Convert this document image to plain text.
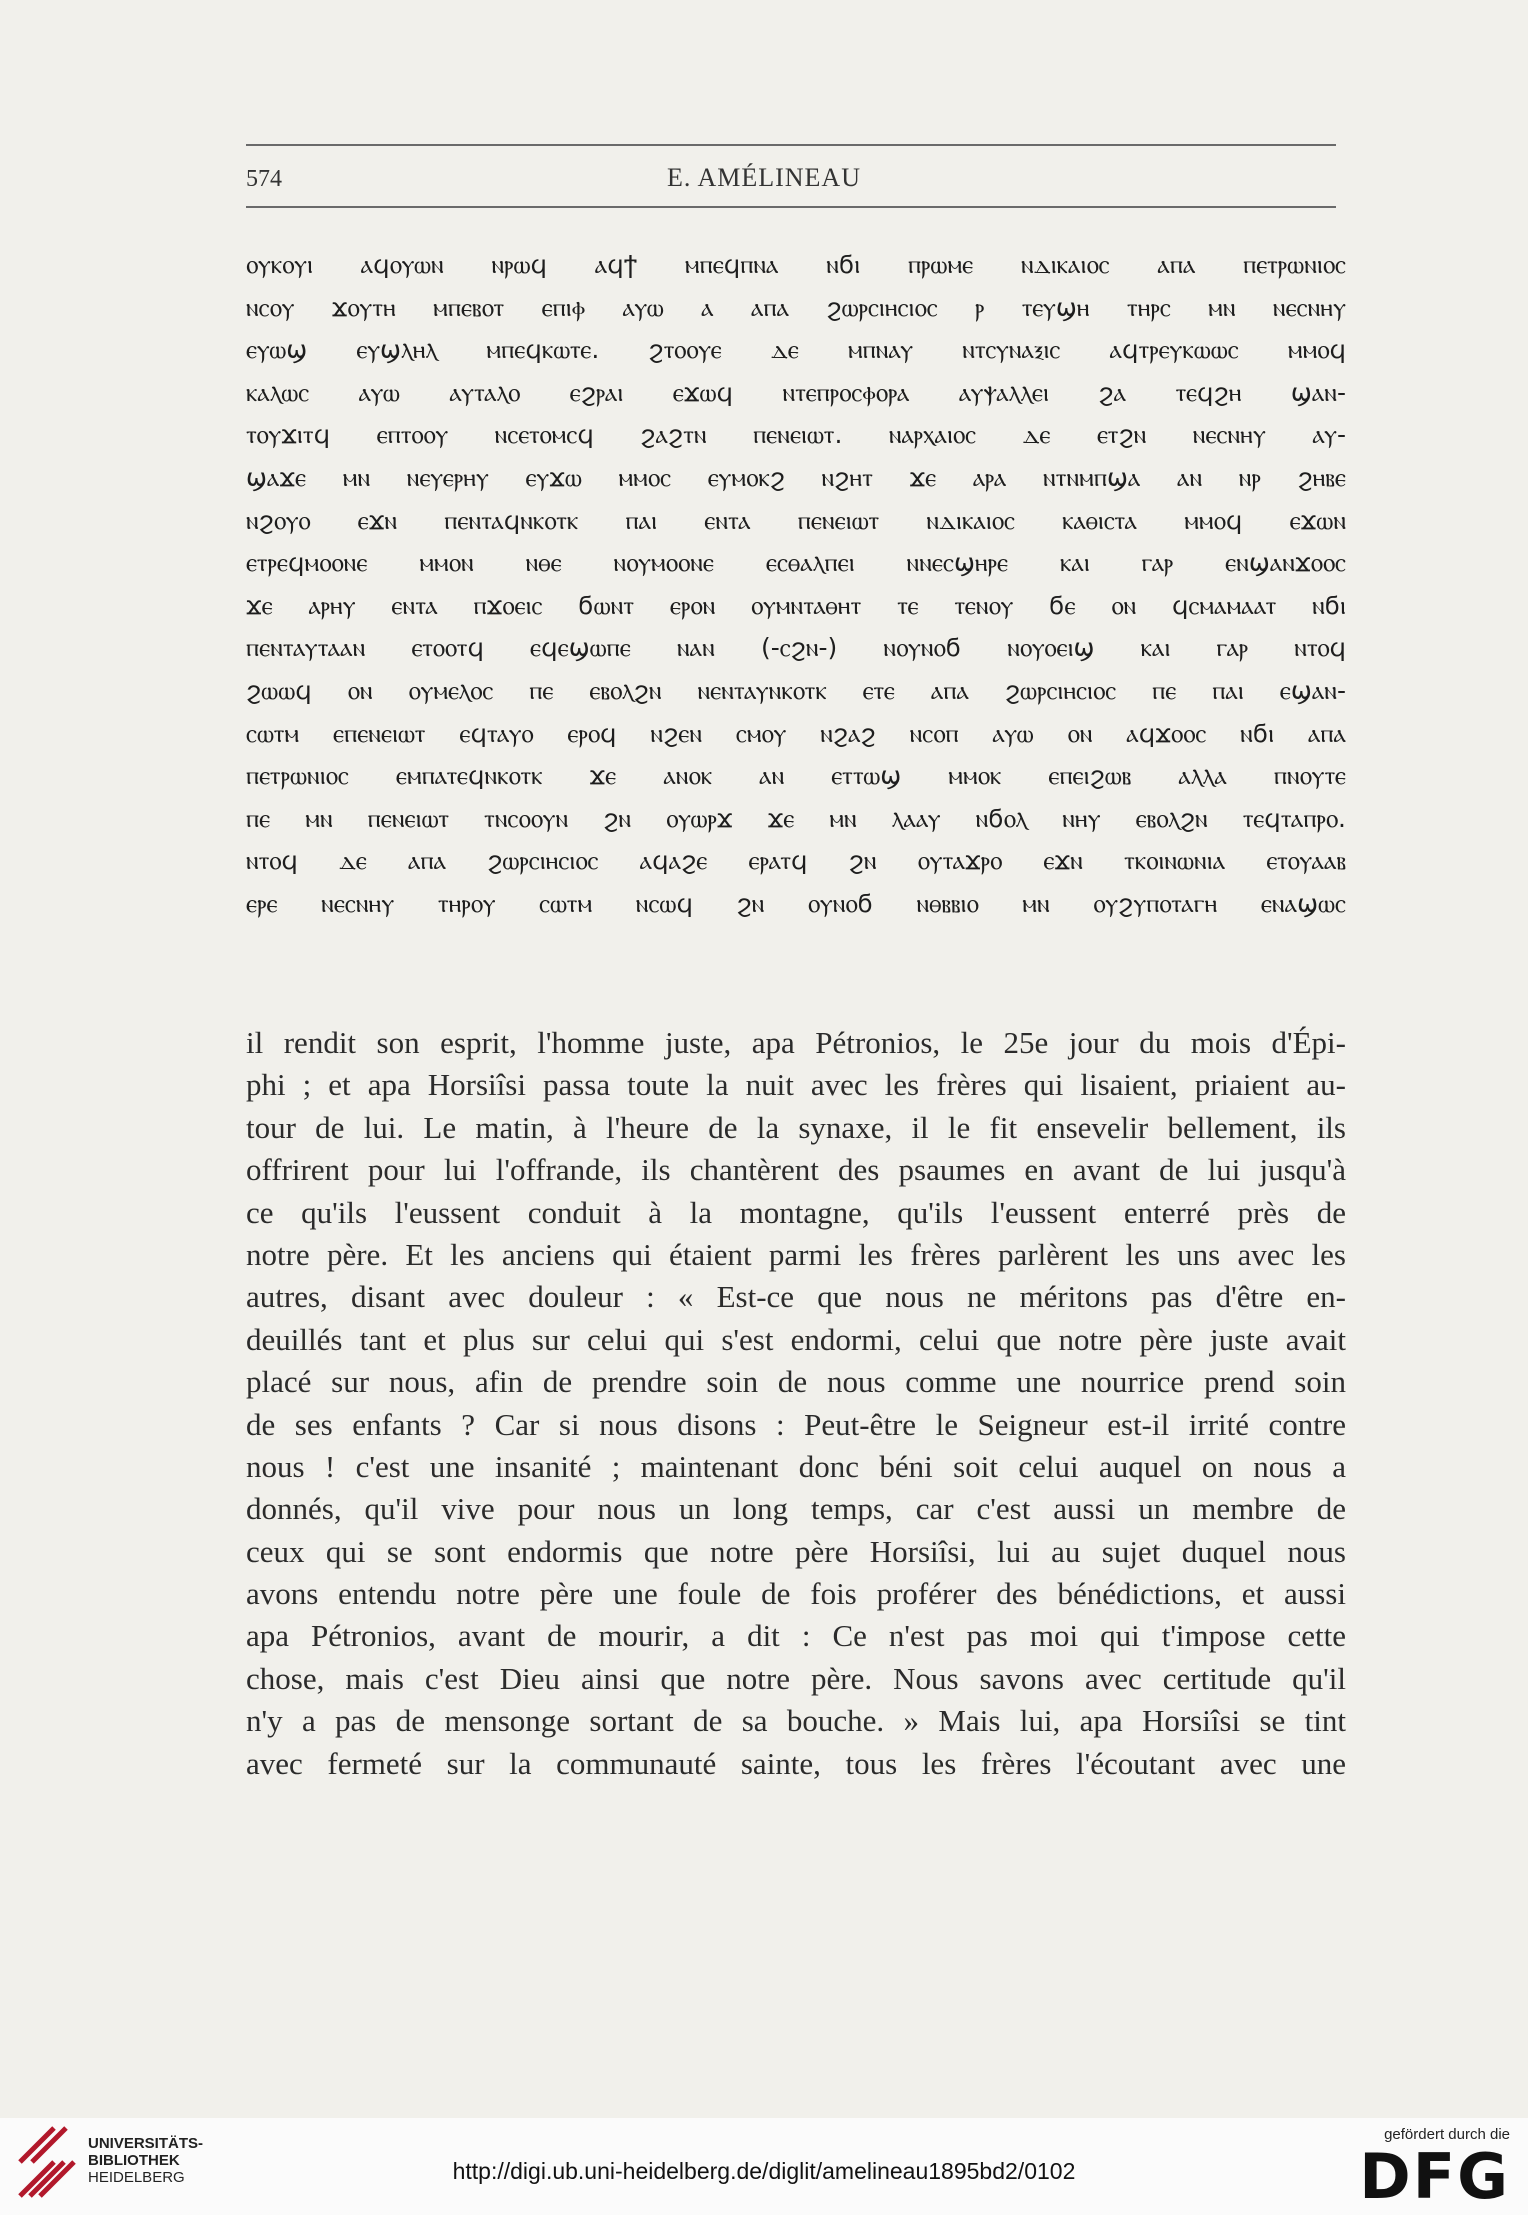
574	E. AMÉLINEAU
ⲟⲩⲕⲟⲩⲓ ⲁϥⲟⲩⲱⲛ ⲛⲣⲱϥ ⲁϥϯ ⲙⲡⲉϥⲡⲛⲁ ⲛϭⲓ ⲡⲣⲱⲙⲉ ⲛⲇⲓⲕⲁⲓⲟⲥ ⲁⲡⲁ ⲡⲉⲧⲣⲱⲛⲓⲟⲥ
ⲛⲥⲟⲩ ϫⲟⲩⲧⲏ ⲙⲡⲉⲃⲟⲧ ⲉⲡⲓⲫ ⲁⲩⲱ ⲁ ⲁⲡⲁ ϩⲱⲣⲥⲓⲏⲥⲓⲟⲥ ⲣ ⲧⲉⲩϣⲏ ⲧⲏⲣⲥ ⲙⲛ ⲛⲉⲥⲛⲏⲩ
ⲉⲩⲱϣ ⲉⲩϣⲗⲏⲗ ⲙⲡⲉϥⲕⲱⲧⲉ. ϩⲧⲟⲟⲩⲉ ⲇⲉ ⲙⲡⲛⲁⲩ ⲛⲧⲥⲩⲛⲁⲝⲓⲥ ⲁϥⲧⲣⲉⲩⲕⲱⲱⲥ ⲙⲙⲟϥ
ⲕⲁⲗⲱⲥ ⲁⲩⲱ ⲁⲩⲧⲁⲗⲟ ⲉϩⲣⲁⲓ ⲉϫⲱϥ ⲛⲧⲉⲡⲣⲟⲥⲫⲟⲣⲁ ⲁⲩⲯⲁⲗⲗⲉⲓ ϩⲁ ⲧⲉϥϩⲏ ϣⲁⲛ-
ⲧⲟⲩϫⲓⲧϥ ⲉⲡⲧⲟⲟⲩ ⲛⲥⲉⲧⲟⲙⲥϥ ϩⲁϩⲧⲛ ⲡⲉⲛⲉⲓⲱⲧ. ⲛⲁⲣⲭⲁⲓⲟⲥ ⲇⲉ ⲉⲧϩⲛ ⲛⲉⲥⲛⲏⲩ ⲁⲩ-
ϣⲁϫⲉ ⲙⲛ ⲛⲉⲩⲉⲣⲏⲩ ⲉⲩϫⲱ ⲙⲙⲟⲥ ⲉⲩⲙⲟⲕϩ ⲛϩⲏⲧ ϫⲉ ⲁⲣⲁ ⲛⲧⲛⲙⲡϣⲁ ⲁⲛ ⲛⲣ ϩⲏⲃⲉ
ⲛϩⲟⲩⲟ ⲉϫⲛ ⲡⲉⲛⲧⲁϥⲛⲕⲟⲧⲕ ⲡⲁⲓ ⲉⲛⲧⲁ ⲡⲉⲛⲉⲓⲱⲧ ⲛⲇⲓⲕⲁⲓⲟⲥ ⲕⲁⲑⲓⲥⲧⲁ ⲙⲙⲟϥ ⲉϫⲱⲛ
ⲉⲧⲣⲉϥⲙⲟⲟⲛⲉ ⲙⲙⲟⲛ ⲛⲑⲉ ⲛⲟⲩⲙⲟⲟⲛⲉ ⲉⲥⲑⲁⲗⲡⲉⲓ ⲛⲛⲉⲥϣⲏⲣⲉ ⲕⲁⲓ ⲅⲁⲣ ⲉⲛϣⲁⲛϫⲟⲟⲥ
ϫⲉ ⲁⲣⲏⲩ ⲉⲛⲧⲁ ⲡϫⲟⲉⲓⲥ ϭⲱⲛⲧ ⲉⲣⲟⲛ ⲟⲩⲙⲛⲧⲁⲑⲏⲧ ⲧⲉ ⲧⲉⲛⲟⲩ ϭⲉ ⲟⲛ ϥⲥⲙⲁⲙⲁⲁⲧ ⲛϭⲓ
ⲡⲉⲛⲧⲁⲩⲧⲁⲁⲛ ⲉⲧⲟⲟⲧϥ ⲉϥⲉϣⲱⲡⲉ ⲛⲁⲛ (-ⲥϩⲛ-) ⲛⲟⲩⲛⲟϭ ⲛⲟⲩⲟⲉⲓϣ ⲕⲁⲓ ⲅⲁⲣ ⲛⲧⲟϥ
ϩⲱⲱϥ ⲟⲛ ⲟⲩⲙⲉⲗⲟⲥ ⲡⲉ ⲉⲃⲟⲗϩⲛ ⲛⲉⲛⲧⲁⲩⲛⲕⲟⲧⲕ ⲉⲧⲉ ⲁⲡⲁ ϩⲱⲣⲥⲓⲏⲥⲓⲟⲥ ⲡⲉ ⲡⲁⲓ ⲉϣⲁⲛ-
ⲥⲱⲧⲙ ⲉⲡⲉⲛⲉⲓⲱⲧ ⲉϥⲧⲁⲩⲟ ⲉⲣⲟϥ ⲛϩⲉⲛ ⲥⲙⲟⲩ ⲛϩⲁϩ ⲛⲥⲟⲡ ⲁⲩⲱ ⲟⲛ ⲁϥϫⲟⲟⲥ ⲛϭⲓ ⲁⲡⲁ
ⲡⲉⲧⲣⲱⲛⲓⲟⲥ ⲉⲙⲡⲁⲧⲉϥⲛⲕⲟⲧⲕ ϫⲉ ⲁⲛⲟⲕ ⲁⲛ ⲉⲧⲧⲱϣ ⲙⲙⲟⲕ ⲉⲡⲉⲓϩⲱⲃ ⲁⲗⲗⲁ ⲡⲛⲟⲩⲧⲉ
ⲡⲉ ⲙⲛ ⲡⲉⲛⲉⲓⲱⲧ ⲧⲛⲥⲟⲟⲩⲛ ϩⲛ ⲟⲩⲱⲣϫ ϫⲉ ⲙⲛ ⲗⲁⲁⲩ ⲛϭⲟⲗ ⲛⲏⲩ ⲉⲃⲟⲗϩⲛ ⲧⲉϥⲧⲁⲡⲣⲟ.
ⲛⲧⲟϥ ⲇⲉ ⲁⲡⲁ ϩⲱⲣⲥⲓⲏⲥⲓⲟⲥ ⲁϥⲁϩⲉ ⲉⲣⲁⲧϥ ϩⲛ ⲟⲩⲧⲁϫⲣⲟ ⲉϫⲛ ⲧⲕⲟⲓⲛⲱⲛⲓⲁ ⲉⲧⲟⲩⲁⲁⲃ
ⲉⲣⲉ ⲛⲉⲥⲛⲏⲩ ⲧⲏⲣⲟⲩ ⲥⲱⲧⲙ ⲛⲥⲱϥ ϩⲛ ⲟⲩⲛⲟϭ ⲛⲑⲃⲃⲓⲟ ⲙⲛ ⲟⲩϩⲩⲡⲟⲧⲁⲅⲏ ⲉⲛⲁϣⲱⲥ
il rendit son esprit, l'homme juste, apa Pétronios, le 25e jour du mois d'Épi-
phi ; et apa Horsiîsi passa toute la nuit avec les frères qui lisaient, priaient au-
tour de lui. Le matin, à l'heure de la synaxe, il le fit ensevelir bellement, ils
offrirent pour lui l'offrande, ils chantèrent des psaumes en avant de lui jusqu'à
ce qu'ils l'eussent conduit à la montagne, qu'ils l'eussent enterré près de
notre père. Et les anciens qui étaient parmi les frères parlèrent les uns avec les
autres, disant avec douleur : « Est-ce que nous ne méritons pas d'être en-
deuillés tant et plus sur celui qui s'est endormi, celui que notre père juste avait
placé sur nous, afin de prendre soin de nous comme une nourrice prend soin
de ses enfants ? Car si nous disons : Peut-être le Seigneur est-il irrité contre
nous ! c'est une insanité ; maintenant donc béni soit celui auquel on nous a
donnés, qu'il vive pour nous un long temps, car c'est aussi un membre de
ceux qui se sont endormis que notre père Horsiîsi, lui au sujet duquel nous
avons entendu notre père une foule de fois proférer des bénédictions, et aussi
apa Pétronios, avant de mourir, a dit : Ce n'est pas moi qui t'impose cette
chose, mais c'est Dieu ainsi que notre père. Nous savons avec certitude qu'il
n'y a pas de mensonge sortant de sa bouche. » Mais lui, apa Horsiîsi se tint
avec fermeté sur la communauté sainte, tous les frères l'écoutant avec une
UNIVERSITÄTS-
BIBLIOTHEK
HEIDELBERG	http://digi.ub.uni-heidelberg.de/diglit/amelineau1895bd2/0102
gefördert durch die
DFG
